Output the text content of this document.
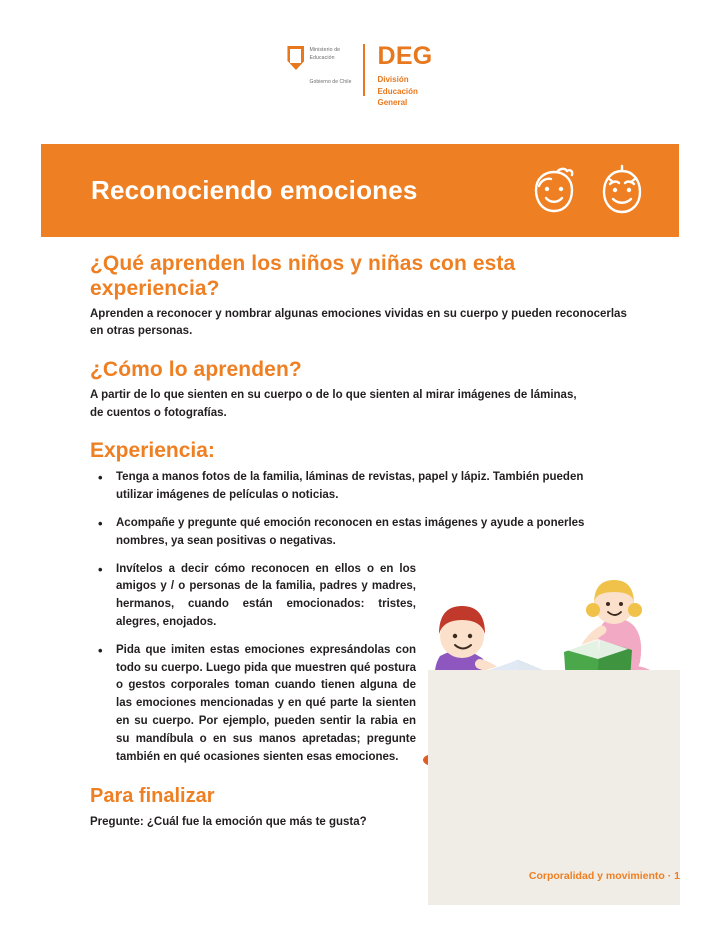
Ministerio de
Educación
Gobierno de Chile
DEG
División
Educación
General
Reconociendo emociones
¿Qué aprenden los niños y niñas con esta experiencia?

Aprenden a reconocer y nombrar algunas emociones vividas en su cuerpo y pueden reconocerlas en otras personas.

¿Cómo lo aprenden?

A partir de lo que sienten en su cuerpo o de lo que sienten al mirar imágenes de láminas, de cuentos o fotografías.

Experiencia:
• Tenga a manos fotos de la familia, láminas de revistas, papel y lápiz. También pueden utilizar imágenes de películas o noticias.
• Acompañe y pregunte qué emoción reconocen en estas imágenes y ayude a ponerles nombres, ya sean positivas o negativas.
• Invítelos a decir cómo reconocen en ellos o en los amigos y / o personas de la familia, padres y madres, hermanos, cuando están emocionados: tristes, alegres, enojados.
• Pida que imiten estas emociones expresándolas con todo su cuerpo. Luego pida que muestren qué postura o gestos corporales toman cuando tienen alguna de las emociones mencionadas y en qué parte la sienten en su cuerpo. Por ejemplo, pueden sentir la rabia en su mandíbula o en sus manos apretadas; pregunte también en qué ocasiones sienten esas emociones.
Para finalizar

Pregunte: ¿Cuál fue la emoción que más te gusta?

Corporalidad y movimiento · 1
